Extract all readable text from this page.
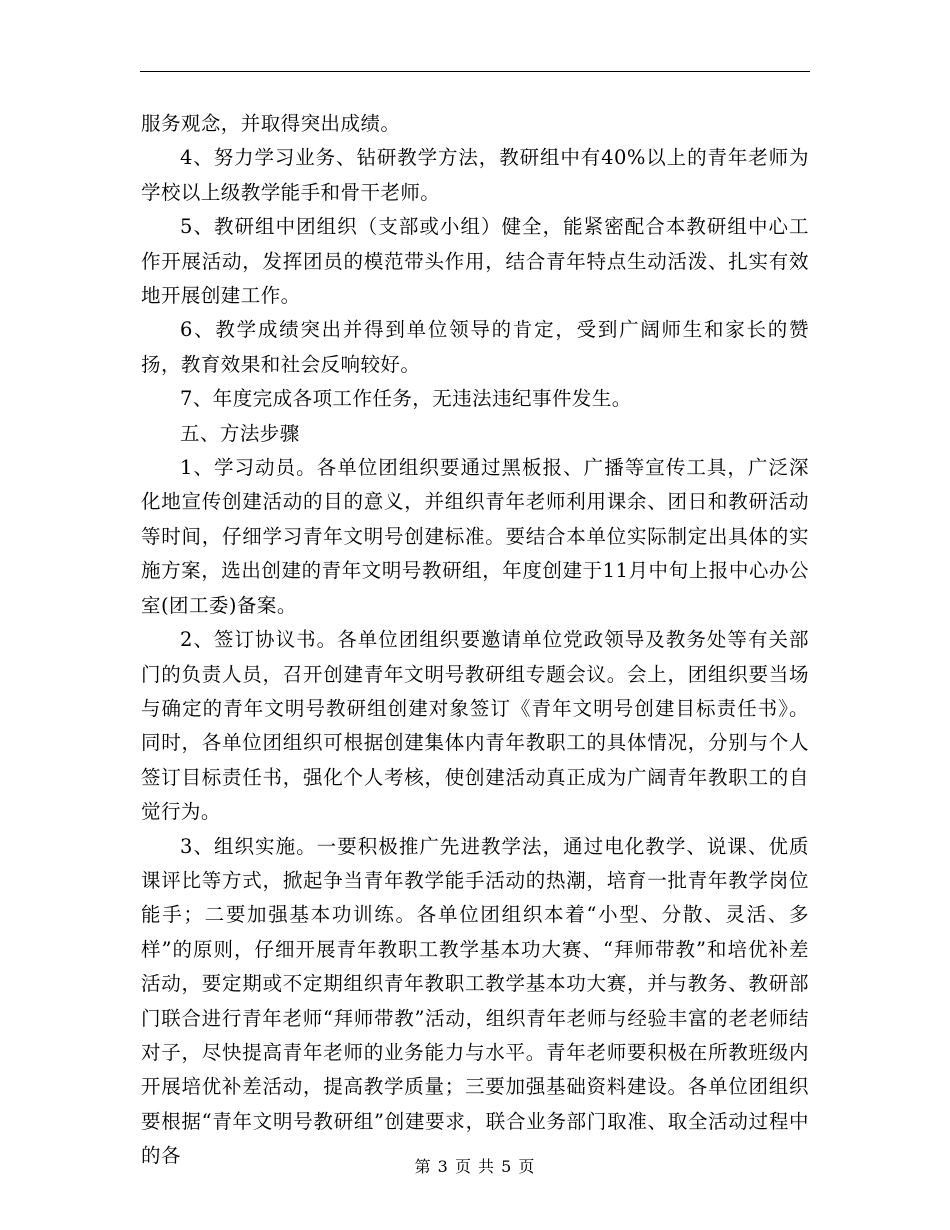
服务观念，并取得突出成绩。

4、努力学习业务、钻研教学方法，教研组中有40%以上的青年老师为学校以上级教学能手和骨干老师。

5、教研组中团组织（支部或小组）健全，能紧密配合本教研组中心工作开展活动，发挥团员的模范带头作用，结合青年特点生动活泼、扎实有效地开展创建工作。

6、教学成绩突出并得到单位领导的肯定，受到广阔师生和家长的赞扬，教育效果和社会反响较好。

7、年度完成各项工作任务，无违法违纪事件发生。

五、方法步骤

1、学习动员。各单位团组织要通过黑板报、广播等宣传工具，广泛深化地宣传创建活动的目的意义，并组织青年老师利用课余、团日和教研活动等时间，仔细学习青年文明号创建标准。要结合本单位实际制定出具体的实施方案，选出创建的青年文明号教研组，年度创建于11月中旬上报中心办公室(团工委)备案。

2、签订协议书。各单位团组织要邀请单位党政领导及教务处等有关部门的负责人员，召开创建青年文明号教研组专题会议。会上，团组织要当场与确定的青年文明号教研组创建对象签订《青年文明号创建目标责任书》。同时，各单位团组织可根据创建集体内青年教职工的具体情况，分别与个人签订目标责任书，强化个人考核，使创建活动真正成为广阔青年教职工的自觉行为。

3、组织实施。一要积极推广先进教学法，通过电化教学、说课、优质课评比等方式，掀起争当青年教学能手活动的热潮，培育一批青年教学岗位能手；二要加强基本功训练。各单位团组织本着“小型、分散、灵活、多样”的原则，仔细开展青年教职工教学基本功大赛、“拜师带教”和培优补差活动，要定期或不定期组织青年教职工教学基本功大赛，并与教务、教研部门联合进行青年老师“拜师带教”活动，组织青年老师与经验丰富的老老师结对子，尽快提高青年老师的业务能力与水平。青年老师要积极在所教班级内开展培优补差活动，提高教学质量；三要加强基础资料建设。各单位团组织要根据“青年文明号教研组”创建要求，联合业务部门取准、取全活动过程中的各	第 3 页 共 5 页
